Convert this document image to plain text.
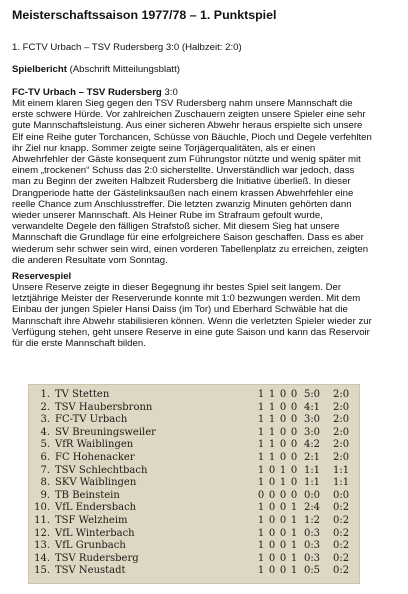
Meisterschaftssaison 1977/78 – 1. Punktspiel
1. FCTV Urbach – TSV Rudersberg 3:0 (Halbzeit: 2:0)
Spielbericht (Abschrift Mitteilungsblatt)
FC-TV Urbach – TSV Rudersberg 3:0
Mit einem klaren Sieg gegen den TSV Rudersberg nahm unsere Mannschaft die
erste schwere Hürde. Vor zahlreichen Zuschauern zeigten unsere Spieler eine sehr
gute Mannschaftsleistung. Aus einer sicheren Abwehr heraus erspielte sich unsere
Elf eine Reihe guter Torchancen, Schüsse von Bäuchle, Pioch und Degele verfehlten
ihr Ziel nur knapp. Sommer zeigte seine Torjägerqualitäten, als er einen
Abwehrfehler der Gäste konsequent zum Führungstor nützte und wenig später mit
einem „trockenen“ Schuss das 2:0 sicherstellte. Unverständlich war jedoch, dass
man zu Beginn der zweiten Halbzeit Rudersberg die Initiative überließ. In dieser
Drangperiode hatte der Gästelinksaußen nach einem krassen Abwehrfehler eine
reelle Chance zum Anschlusstreffer. Die letzten zwanzig Minuten gehörten dann
wieder unserer Mannschaft. Als Heiner Rube im Strafraum gefoult wurde,
verwandelte Degele den fälligen Strafstoß sicher. Mit diesem Sieg hat unsere
Mannschaft die Grundlage für eine erfolgreichere Saison geschaffen. Dass es aber
wiederum sehr schwer sein wird, einen vorderen Tabellenplatz zu erreichen, zeigten
die anderen Resultate vom Sonntag.
Reservespiel
Unsere Reserve zeigte in dieser Begegnung ihr bestes Spiel seit langem. Der
letztjährige Meister der Reserverunde konnte mit 1:0 bezwungen werden. Mit dem
Einbau der jungen Spieler Hansi Daiss (im Tor) und Eberhard Schwäble hat die
Mannschaft ihre Abwehr stabilisieren können. Wenn die verletzten Spieler wieder zur
Verfügung stehen, geht unsere Reserve in eine gute Saison und kann das Reservoir
für die erste Mannschaft bilden.
1. TV Stetten	1 1 0 0 5:0	2:0
2. TSV Haubersbronn	1 1 0 0 4:1	2:0
3. FC-TV Urbach	1 1 0 0 3:0	2:0
4. SV Breuningsweiler	1 1 0 0 3:0	2:0
5. VfR Waiblingen	1 1 0 0 4:2	2:0
6. FC Hohenacker	1 1 0 0 2:1	2:0
7. TSV Schlechtbach	1 0 1 0 1:1	1:1
8. SKV Waiblingen	1 0 1 0 1:1	1:1
9. TB Beinstein	0 0 0 0 0:0	0:0
10. VfL Endersbach	1 0 0 1 2:4	0:2
11. TSF Welzheim	1 0 0 1 1:2	0:2
12. VfL Winterbach	1 0 0 1 0:3	0:2
13. VfL Grunbach	1 0 0 1 0:3	0:2
14. TSV Rudersberg	1 0 0 1 0:3	0:2
15. TSV Neustadt	1 0 0 1 0:5	0:2
